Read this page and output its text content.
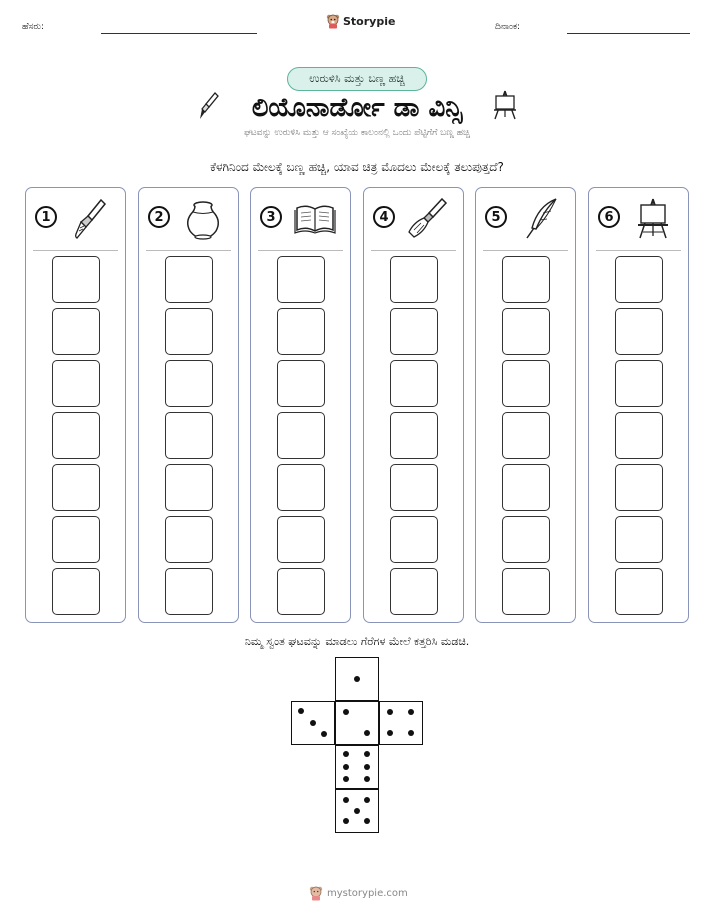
ಹೆಸರು:	Storypie	ದಿನಾಂಕ:
ಉರುಳಿಸಿ ಮತ್ತು ಬಣ್ಣ ಹಚ್ಚಿ
ಲಿಯೊನಾರ್ಡೋ ಡಾ ವಿನ್ಸಿ
ಘಟವನ್ನು ಉರುಳಿಸಿ ಮತ್ತು ಆ ಸಂಖ್ಯೆಯ ಕಾಲಂನಲ್ಲಿ ಒಂದು ಪೆಟ್ಟಿಗೆಗೆ ಬಣ್ಣ ಹಚ್ಚಿ
ಕೆಳಗಿನಿಂದ ಮೇಲಕ್ಕೆ ಬಣ್ಣ ಹಚ್ಚಿ, ಯಾವ ಚಿತ್ರ ಮೊದಲು ಮೇಲಕ್ಕೆ ತಲುಪುತ್ತದೆ?
1	2	3	4	5	6
ನಿಮ್ಮ ಸ್ವಂತ ಘಟವನ್ನು ಮಾಡಲು ಗೆರೆಗಳ ಮೇಲೆ ಕತ್ತರಿಸಿ ಮಡಚಿ.
mystorypie.com
